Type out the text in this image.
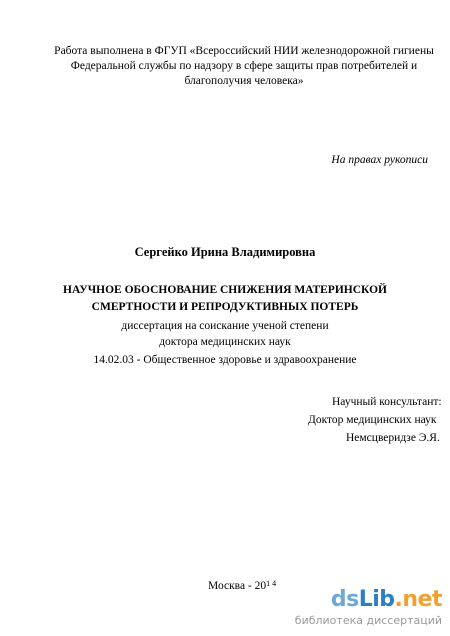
Работа выполнена в ФГУП «Всероссийский НИИ железнодорожной гигиены
Федеральной службы по надзору в сфере защиты прав потребителей и
благополучия человека»
На правах рукописи
Сергейко Ирина Владимировна
НАУЧНОЕ ОБОСНОВАНИЕ СНИЖЕНИЯ МАТЕРИНСКОЙ
СМЕРТНОСТИ И РЕПРОДУКТИВНЫХ ПОТЕРЬ
диссертация на соискание ученой степени
доктора медицинских наук
14.02.03 - Общественное здоровье и здравоохранение
Научный консультант:
Доктор медицинских наук
Немсцверидзе Э.Я.
Москва - $20^{1 4}$
dsLib.net
библиотека диссертаций
